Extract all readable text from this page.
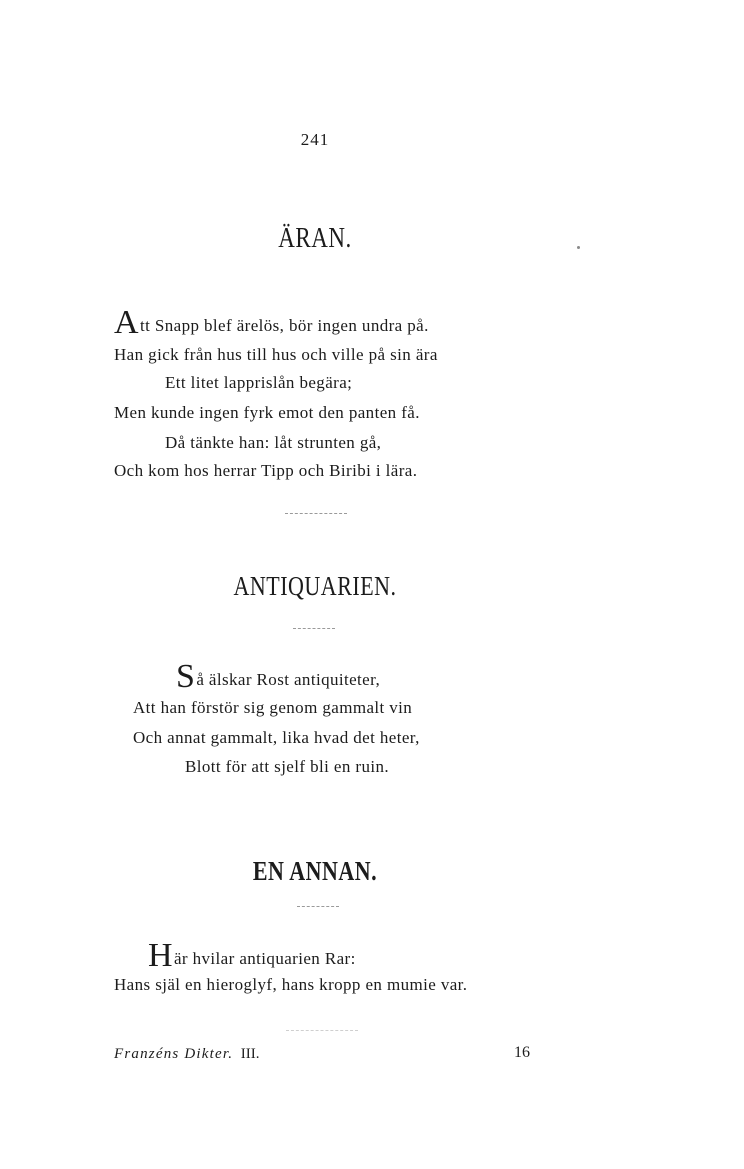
241
ÄRAN.
Att Snapp blef ärelös, bör ingen undra på.
Han gick från hus till hus och ville på sin ära
Ett litet lapprislån begära;
Men kunde ingen fyrk emot den panten få.
Då tänkte han: låt strunten gå,
Och kom hos herrar Tipp och Biribi i lära.
ANTIQUARIEN.
Så älskar Rost antiquiteter,
Att han förstör sig genom gammalt vin
Och annat gammalt, lika hvad det heter,
Blott för att sjelf bli en ruin.
EN ANNAN.
Här hvilar antiquarien Rar:
Hans själ en hieroglyf, hans kropp en mumie var.
Franzéns Dikter. III.	16
